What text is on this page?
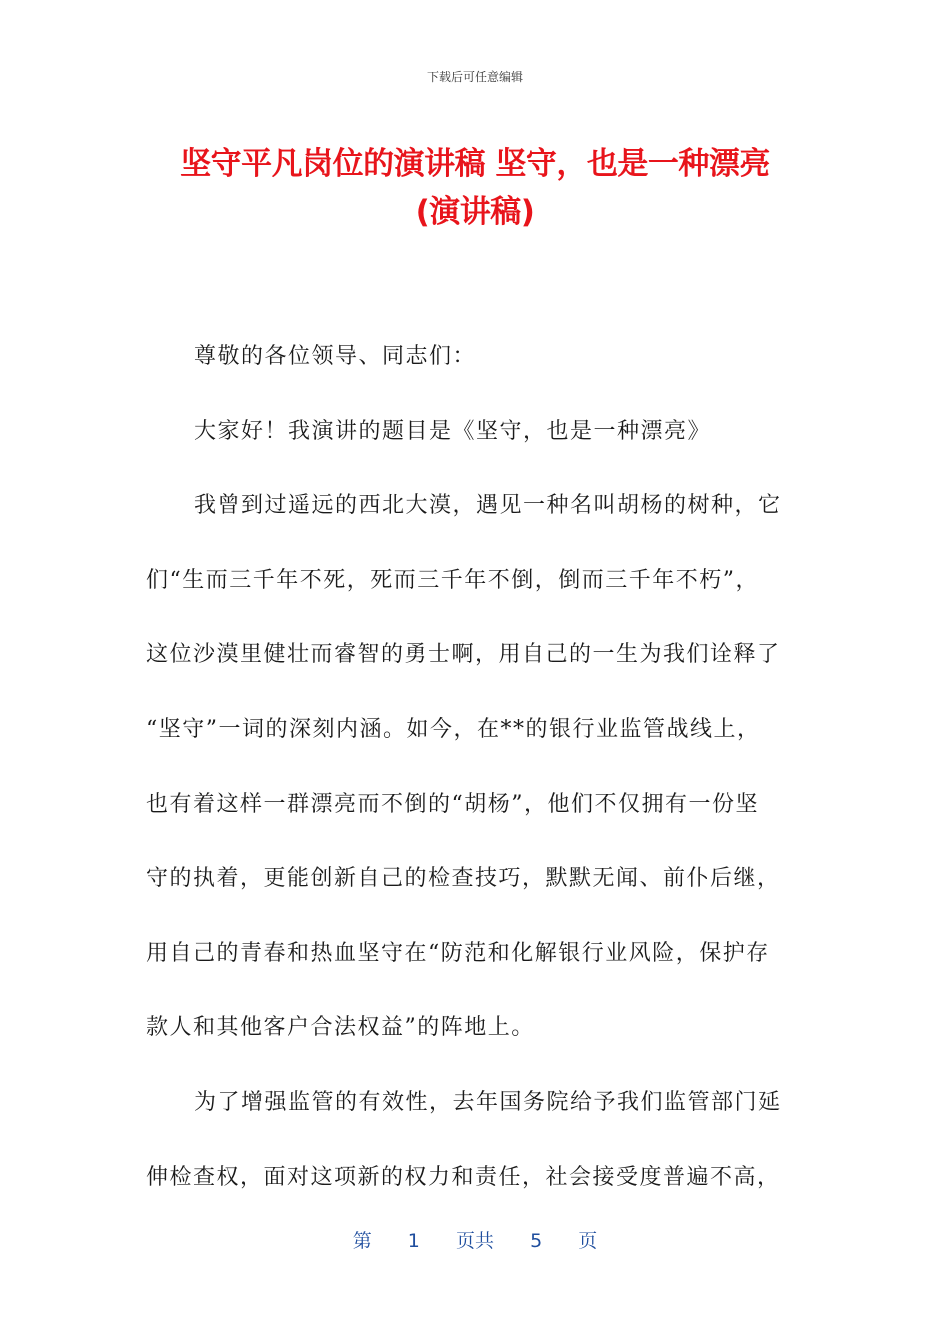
下载后可任意编辑
坚守平凡岗位的演讲稿 坚守，也是一种漂亮
(演讲稿)
尊敬的各位领导、同志们：
大家好！我演讲的题目是《坚守，也是一种漂亮》
我曾到过遥远的西北大漠，遇见一种名叫胡杨的树种，它
们“生而三千年不死，死而三千年不倒，倒而三千年不朽”，
这位沙漠里健壮而睿智的勇士啊，用自己的一生为我们诠释了
“坚守”一词的深刻内涵。如今，在**的银行业监管战线上，
也有着这样一群漂亮而不倒的“胡杨”，他们不仅拥有一份坚
守的执着，更能创新自己的检查技巧，默默无闻、前仆后继，
用自己的青春和热血坚守在“防范和化解银行业风险，保护存
款人和其他客户合法权益”的阵地上。
为了增强监管的有效性，去年国务院给予我们监管部门延
伸检查权，面对这项新的权力和责任，社会接受度普遍不高，
第 1 页共 5 页
